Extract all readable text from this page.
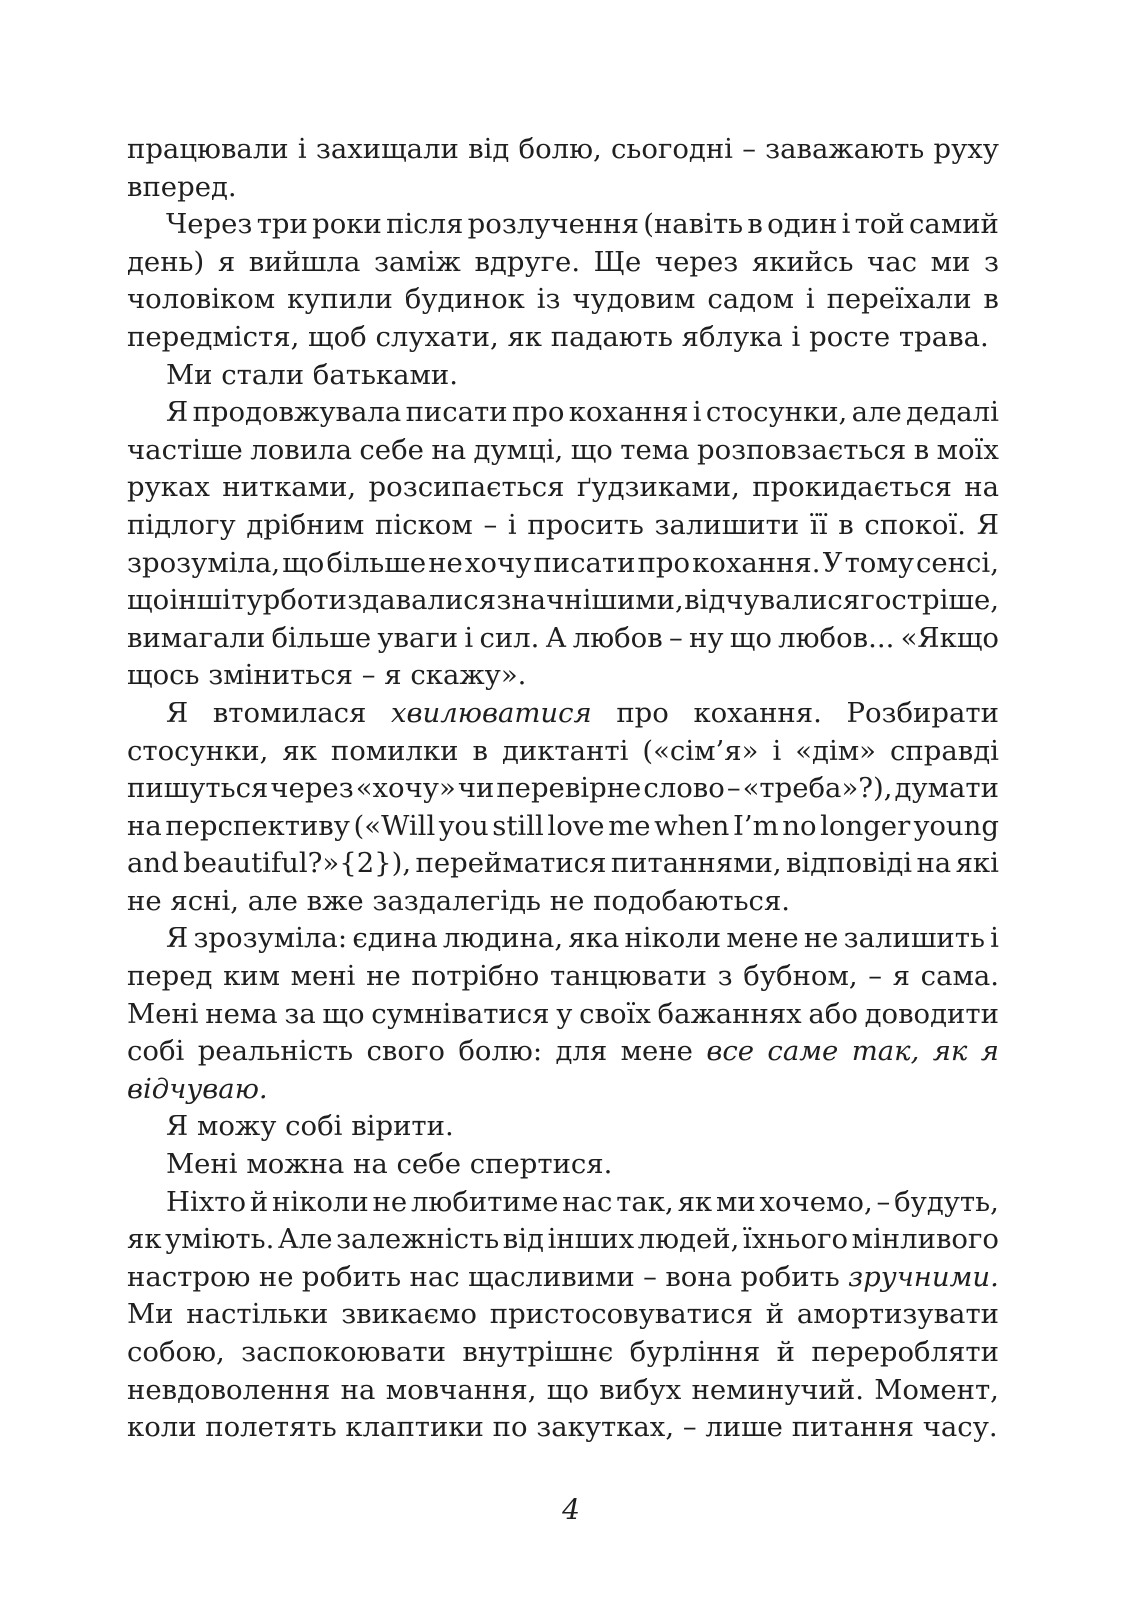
працювали і захищали від болю, сьогодні – заважають руху
вперед.
Через три роки після розлучення (навіть в один і той самий
день) я вийшла заміж вдруге. Ще через якийсь час ми з
чоловіком купили будинок із чудовим садом і переїхали в
передмістя, щоб слухати, як падають яблука і росте трава.
Ми стали батьками.
Я продовжувала писати про кохання і стосунки, але дедалі
частіше ловила себе на думці, що тема розповзається в моїх
руках нитками, розсипається ґудзиками, прокидається на
підлогу дрібним піском – і просить залишити її в спокої. Я
зрозуміла, що більше не хочу писати про кохання. У тому сенсі,
що інші турботи здавалися значнішими, відчувалися гостріше,
вимагали більше уваги і сил. А любов – ну що любов... «Якщо
щось зміниться – я скажу».
Я втомилася хвилюватися про кохання. Розбирати
стосунки, як помилки в диктанті («сім’я» і «дім» справді
пишуться через «хочу» чи перевірне слово – «треба»?), думати
на перспективу («Will you still love me when I’m no longer young
and beautiful?»{2}), перейматися питаннями, відповіді на які
не ясні, але вже заздалегідь не подобаються.
Я зрозуміла: єдина людина, яка ніколи мене не залишить і
перед ким мені не потрібно танцювати з бубном, – я сама.
Мені нема за що сумніватися у своїх бажаннях або доводити
собі реальність свого болю: для мене все саме так, як я
відчуваю.
Я можу собі вірити.
Мені можна на себе спертися.
Ніхто й ніколи не любитиме нас так, як ми хочемо, – будуть,
як уміють. Але залежність від інших людей, їхнього мінливого
настрою не робить нас щасливими – вона робить зручними.
Ми настільки звикаємо пристосовуватися й амортизувати
собою, заспокоювати внутрішнє бурління й переробляти
невдоволення на мовчання, що вибух неминучий. Момент,
коли полетять клаптики по закутках, – лише питання часу.
4
